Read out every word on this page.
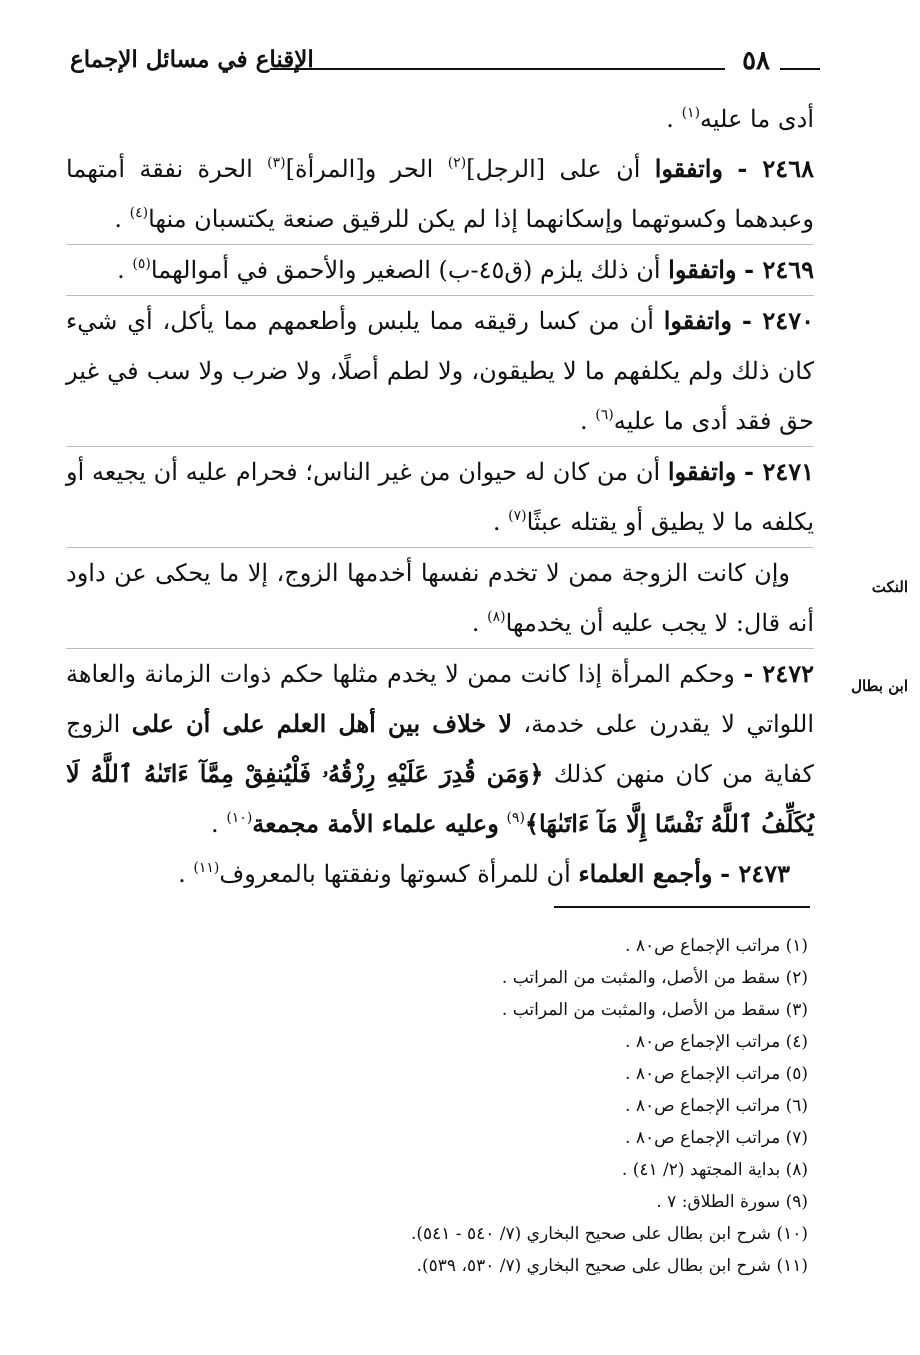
٥٨
الإقناع في مسائل الإجماع
النكت
ابن بطال

أدى ما عليه$^{(١)}$ .

٢٤٦٨ - واتفقوا أن على [الرجل]$^{(٢)}$ الحر و[المرأة]$^{(٣)}$ الحرة نفقة أمتهما وعبدهما وكسوتهما وإسكانهما إذا لم يكن للرقيق صنعة يكتسبان منها$^{(٤)}$ .

٢٤٦٩ - واتفقوا أن ذلك يلزم (ق٤٥-ب) الصغير والأحمق في أموالهما$^{(٥)}$ .

٢٤٧٠ - واتفقوا أن من كسا رقيقه مما يلبس وأطعمهم مما يأكل، أي شيء كان ذلك ولم يكلفهم ما لا يطيقون، ولا لطم أصلًا، ولا ضرب ولا سب في غير حق فقد أدى ما عليه$^{(٦)}$ .

٢٤٧١ - واتفقوا أن من كان له حيوان من غير الناس؛ فحرام عليه أن يجيعه أو يكلفه ما لا يطيق أو يقتله عبثًا$^{(٧)}$ .

 وإن كانت الزوجة ممن لا تخدم نفسها أخدمها الزوج، إلا ما يحكى عن داود أنه قال: لا يجب عليه أن يخدمها$^{(٨)}$ .

٢٤٧٢ - وحكم المرأة إذا كانت ممن لا يخدم مثلها حكم ذوات الزمانة والعاهة اللواتي لا يقدرن على خدمة، لا خلاف بين أهل العلم على أن على الزوج كفاية من كان منهن كذلك ﴿وَمَن قُدِرَ عَلَيْهِ رِزْقُهُۥ فَلْيُنفِقْ مِمَّآ ءَاتَىٰهُ ٱللَّهُ لَا يُكَلِّفُ ٱللَّهُ نَفْسًا إِلَّا مَآ ءَاتَىٰهَا﴾$^{(٩)}$ وعليه علماء الأمة مجمعة$^{(١٠)}$ .

 ٢٤٧٣ - وأجمع العلماء أن للمرأة كسوتها ونفقتها بالمعروف$^{(١١)}$ .

(١) مراتب الإجماع ص٨٠ .
(٢) سقط من الأصل، والمثبت من المراتب .
(٣) سقط من الأصل، والمثبت من المراتب .
(٤) مراتب الإجماع ص٨٠ .
(٥) مراتب الإجماع ص٨٠ .
(٦) مراتب الإجماع ص٨٠ .
(٧) مراتب الإجماع ص٨٠ .
(٨) بداية المجتهد (٢/ ٤١) .
(٩) سورة الطلاق: ٧ .
(١٠) شرح ابن بطال على صحيح البخاري (٧/ ٥٤٠ - ٥٤١).
(١١) شرح ابن بطال على صحيح البخاري (٧/ ٥٣٠، ٥٣٩).
